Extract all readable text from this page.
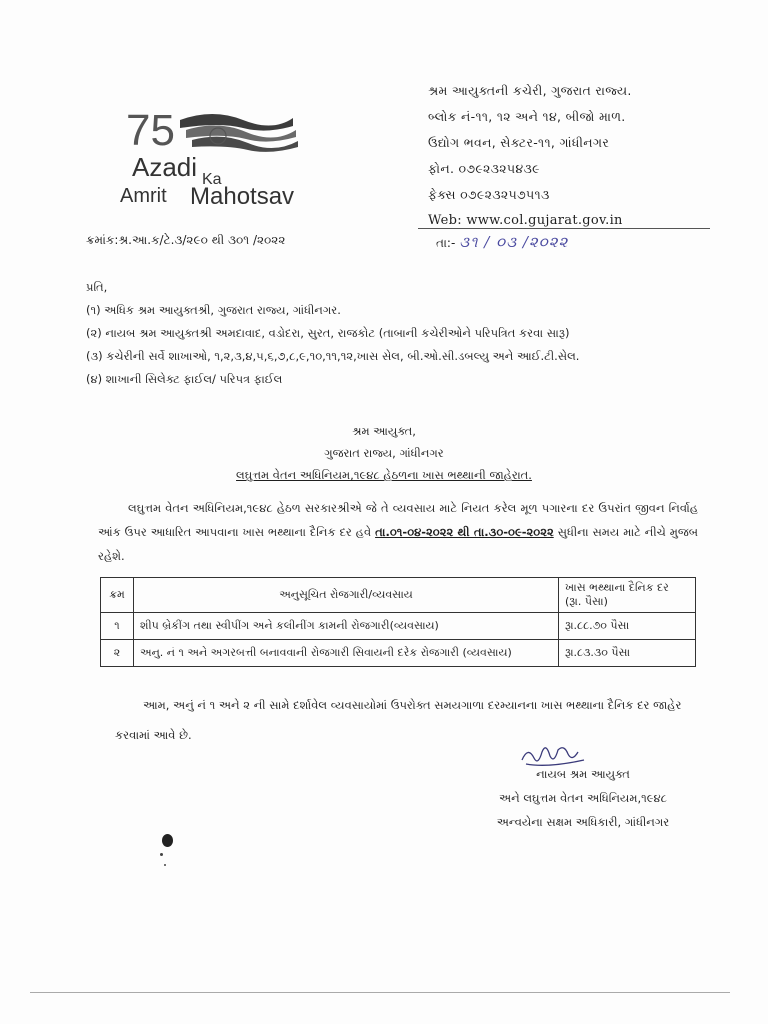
75
Azadi Ka
Amrit Mahotsav
શ્રમ આયુક્તની કચેરી, ગુજરાત રાજ્ય.
બ્લોક નં-૧૧, ૧૨ અને ૧૪, બીજો માળ.
ઉદ્યોગ ભવન, સેક્ટર-૧૧, ગાંધીનગર
ફોન. ૦૭૯૨૩૨૫૪૩૯
ફેક્સ ૦૭૯૨૩૨૫૭૫૧૩
Web: www.col.gujarat.gov.in
ક્રમાંક:શ્ર.આ.ક/ટે.૩/૨૯૦ થી ૩૦૧ /૨૦૨૨	તા:- ૩૧ / ૦૩ /૨૦૨૨
પ્રતિ,
(૧) અધિક શ્રમ આયુક્તશ્રી, ગુજરાત રાજ્ય, ગાંધીનગર.
(૨) નાયબ શ્રમ આયુક્તશ્રી અમદાવાદ, વડોદરા, સુરત, રાજકોટ (તાબાની કચેરીઓને પરિપત્રિત કરવા સારૂ)
(૩) કચેરીની સર્વે શાખાઓ, ૧,૨,૩,૪,૫,૬,૭,૮,૯,૧૦,૧૧,૧૨,ખાસ સેલ, બી.ઓ.સી.ડબલ્યુ અને આઈ.ટી.સેલ.
(૪) શાખાની સિલેક્ટ ફાઈલ/ પરિપત્ર ફાઈલ
શ્રમ આયુક્ત,
ગુજરાત રાજ્ય, ગાંધીનગર
લઘુત્તમ વેતન અધિનિયમ,૧૯૪૮ હેઠળના ખાસ ભથ્થાની જાહેરાત.
લઘુત્તમ વેતન અધિનિયમ,૧૯૪૮ હેઠળ સરકારશ્રીએ જે તે વ્યવસાય માટે નિયત કરેલ મૂળ પગારના દર ઉપરાંત જીવન નિર્વાહ આંક ઉપર આધારિત આપવાના ખાસ ભથ્થાના દૈનિક દર હવે તા.૦૧-૦૪-૨૦૨૨ થી તા.૩૦-૦૯-૨૦૨૨ સુધીના સમય માટે નીચે મુજબ રહેશે.
ક્રમ	અનુસૂચિત રોજગારી/વ્યવસાય	ખાસ ભથ્થાના દૈનિક દર
(રૂા. પૈસા)

૧	શીપ બ્રેકીંગ તથા સ્વીપીંગ અને કલીનીંગ કામની રોજગારી(વ્યવસાય)	રૂા.૮૮.૭૦ પૈસા
૨	અનુ. નં ૧ અને અગરબત્તી બનાવવાની રોજગારી સિવાયની દરેક રોજગારી (વ્યવસાય)	રૂા.૮૩.૩૦ પૈસા
આમ, અનું નં ૧ અને ૨ ની સામે દર્શાવેલ વ્યવસાયોમાં ઉપરોક્ત સમયગાળા દરમ્યાનના ખાસ ભથ્થાના દૈનિક દર જાહેર કરવામાં આવે છે.
નાયબ શ્રમ આયુક્ત
અને લઘુત્તમ વેતન અધિનિયમ,૧૯૪૮
અન્વયેના સક્ષમ અધિકારી, ગાંધીનગર
